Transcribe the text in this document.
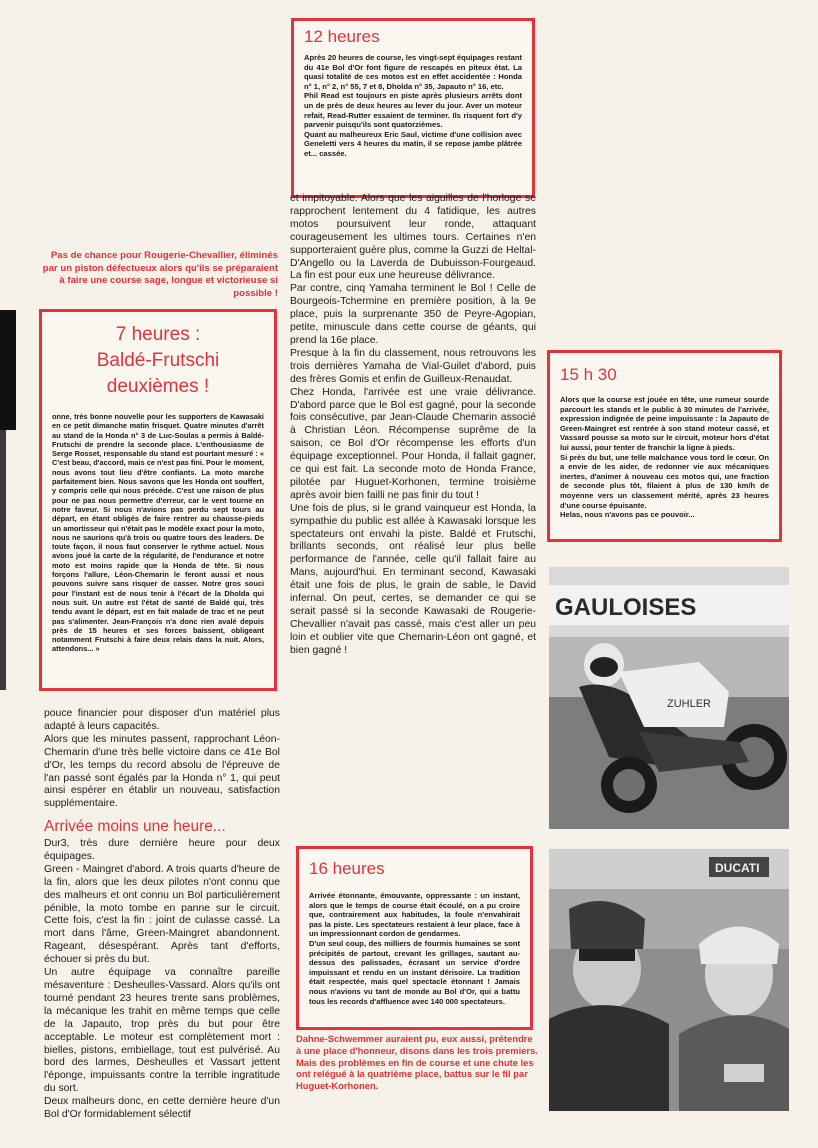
12 heures
Après 20 heures de course, les vingt-sept équipages restant du 41e Bol d'Or font figure de rescapés en piteux état. La quasi totalité de ces motos est en effet accidentée : Honda n° 1, n° 2, n° 55, 7 et 8, Dholda n° 35, Japauto n° 16, etc.
Phil Read est toujours en piste après plusieurs arrêts dont un de près de deux heures au lever du jour. Aver un moteur refait, Read-Rutter essaient de terminer. Ils risquent fort d'y parvenir puisqu'ils sont quatorzièmes.
Quant au malheureux Eric Saul, victime d'une collision avec Geneletti vers 4 heures du matin, il se repose jambe plâtrée et... cassée.
Pas de chance pour Rougerie-Chevallier, éliminés par un piston défectueux alors qu'ils se préparaient à faire une course sage, longue et victorieuse si possible !
7 heures :
Baldé-Frutschi deuxièmes !
onne, très bonne nouvelle pour les supporters de Kawasaki en ce petit dimanche matin frisquet. Quatre minutes d'arrêt au stand de la Honda n° 3 de Luc-Soulas a permis à Baldé-Frutschi de prendre la seconde place. L'enthousiasme de Serge Rosset, responsable du stand est pourtant mesuré : « C'est beau, d'accord, mais ce n'est pas fini. Pour le moment, nous avons tout lieu d'être confiants. La moto marche parfaitement bien. Nous savons que les Honda ont souffert, y compris celle qui nous précède. C'est une raison de plus pour ne pas nous permettre d'erreur, car le vent tourne en notre faveur. Si nous n'avions pas perdu sept tours au départ, en étant obligés de faire rentrer au chausse-pieds un amortisseur qui n'était pas le modèle exact pour la moto, nous ne saurions qu'à trois ou quatre tours des leaders. De toute façon, il nous faut conserver le rythme actuel. Nous avons joué la carte de la régularité, de l'endurance et notre moto est moins rapide que la Honda de tête. Si nous forçons l'allure, Léon-Chemarin le feront aussi et nous pouvons suivre sans risquer de casser. Notre gros souci pour l'instant est de nous tenir à l'écart de la Dholda qui nous suit. Un autre est l'état de santé de Baldé qui, très tendu avant le départ, est en fait malade de trac et ne peut pas s'alimenter. Jean-François n'a donc rien avalé depuis près de 15 heures et ses forces baissent, obligeant notamment Frutschi à faire deux relais dans la nuit. Alors, attendons... »
et impitoyable. Alors que les aiguilles de l'horloge se rapprochent lentement du 4 fatidique, les autres motos poursuivent leur ronde, attaquant courageusement les ultimes tours. Certaines n'en supporteraient guère plus, comme la Guzzi de Heltal-D'Angello ou la Laverda de Dubuisson-Fourgeaud. La fin est pour eux une heureuse délivrance.
Par contre, cinq Yamaha terminent le Bol ! Celle de Bourgeois-Tchermine en première position, à la 9e place, puis la surprenante 350 de Peyre-Agopian, petite, minuscule dans cette course de géants, qui prend la 16e place.
Presque à la fin du classement, nous retrouvons les trois dernières Yamaha de Vial-Guilet d'abord, puis des frères Gomis et enfin de Guilleux-Renaudat.
Chez Honda, l'arrivée est une vraie délivrance. D'abord parce que le Bol est gagné, pour la seconde fois consécutive, par Jean-Claude Chemarin associé à Christian Léon. Récompense suprême de la saison, ce Bol d'Or récompense les efforts d'un équipage exceptionnel. Pour Honda, il fallait gagner, ce qui est fait. La seconde moto de Honda France, pilotée par Huguet-Korhonen, termine troisième après avoir bien failli ne pas finir du tout !
Une fois de plus, si le grand vainqueur est Honda, la sympathie du public est allée à Kawasaki lorsque les spectateurs ont envahi la piste. Baldé et Frutschi, brillants seconds, ont réalisé leur plus belle performance de l'année, celle qu'il fallait faire au Mans, aujourd'hui. En terminant second, Kawasaki était une fois de plus, le grain de sable, le David infernal. On peut, certes, se demander ce qui se serait passé si la seconde Kawasaki de Rougerie-Chevallier n'avait pas cassé, mais c'est aller un peu loin et oublier vite que Chemarin-Léon ont gagné, et bien gagné !
15 h 30
Alors que la course est jouée en tête, une rumeur sourde parcourt les stands et le public à 30 minutes de l'arrivée, expression indignée de peine impuissante : la Japauto de Green-Maingret est rentrée à son stand moteur cassé, et Vassard pousse sa moto sur le circuit, moteur hors d'état lui aussi, pour tenter de franchir la ligne à pieds.
Si près du but, une telle malchance vous tord le cœur. On a envie de les aider, de redonner vie aux mécaniques inertes, d'animer à nouveau ces motos qui, une fraction de seconde plus tôt, filaient à plus de 130 km/h de moyenne vers un classement mérité, après 23 heures d'une course épuisante.
Helas, nous n'avons pas ce pouvoir...
GAULOISES
ZUHLER
pouce financier pour disposer d'un matériel plus adapté à leurs capacités.
Alors que les minutes passent, rapprochant Léon-Chemarin d'une très belle victoire dans ce 41e Bol d'Or, les temps du record absolu de l'épreuve de l'an passé sont égalés par la Honda n° 1, qui peut ainsi espérer en établir un nouveau, satisfaction supplémentaire.
Arrivée moins une heure...
Dur3, très dure dernière heure pour deux équipages.
Green - Maingret d'abord. A trois quarts d'heure de la fin, alors que les deux pilotes n'ont connu que des malheurs et ont connu un Bol particulièrement pénible, la moto tombe en panne sur le circuit. Cette fois, c'est la fin : joint de culasse cassé. La mort dans l'âme, Green-Maingret abandonnent. Rageant, désespérant. Après tant d'efforts, échouer si près du but.
Un autre équipage va connaître pareille mésaventure : Desheulles-Vassard. Alors qu'ils ont tourné pendant 23 heures trente sans problèmes, la mécanique les trahit en même temps que celle de la Japauto, trop près du but pour être acceptable. Le moteur est complètement mort : bielles, pistons, embiellage, tout est pulvérisé. Au bord des larmes, Desheulles et Vassart jettent l'éponge, impuissants contre la terrible ingratitude du sort.
Deux malheurs donc, en cette dernière heure d'un Bol d'Or formidablement sélectif
16 heures
Arrivée étonnante, émouvante, oppressante : un instant, alors que le temps de course était écoulé, on a pu croire que, contrairement aux habitudes, la foule n'envahirait pas la piste. Les spectateurs restaient à leur place, face à un impressionnant cordon de gendarmes.
D'un seul coup, des milliers de fourmis humaines se sont précipités de partout, crevant les grillages, sautant au-dessus des palissades, écrasant un service d'ordre impuissant et rendu en un instant dérisoire. La tradition était respectée, mais quel spectacle étonnant ! Jamais nous n'avions vu tant de monde au Bol d'Or, qui a battu tous les records d'affluence avec 140 000 spectateurs.
Dahne-Schwemmer auraient pu, eux aussi, prétendre à une place d'honneur, disons dans les trois premiers. Mais des problèmes en fin de course et une chute les ont relégué à la quatrième place, battus sur le fil par Huguet-Korhonen.
DUCATI
